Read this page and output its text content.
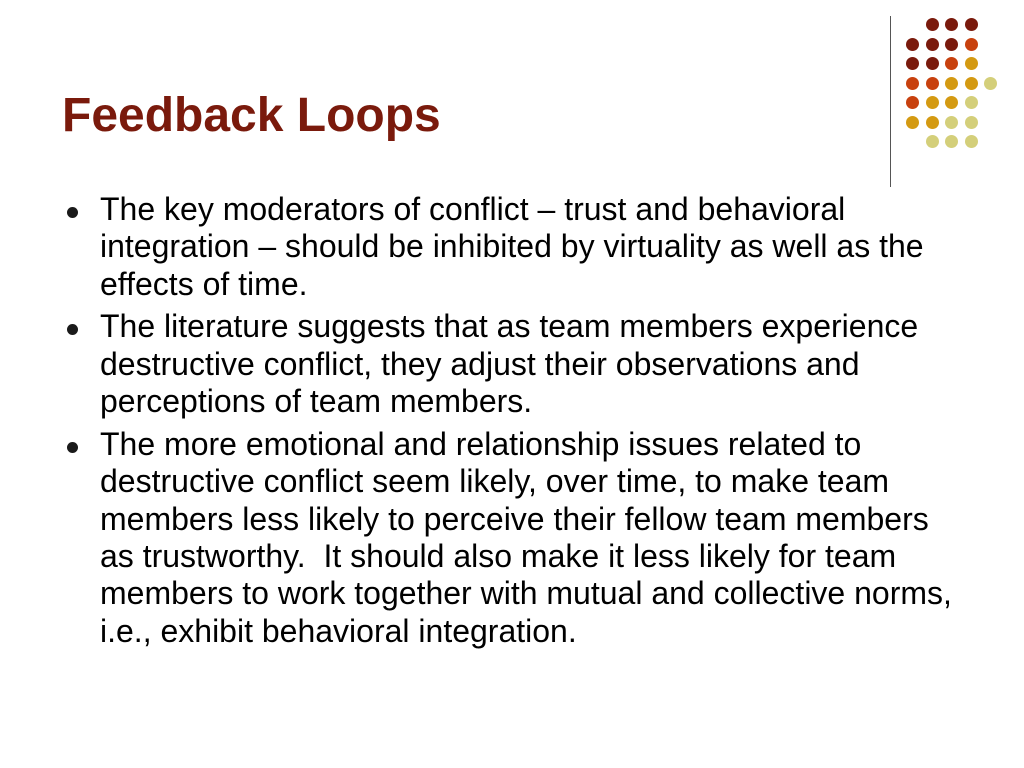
Feedback Loops
The key moderators of conflict – trust and behavioral integration – should be inhibited by virtuality as well as the effects of time.
The literature suggests that as team members experience destructive conflict, they adjust their observations and perceptions of team members.
The more emotional and relationship issues related to destructive conflict seem likely, over time, to make team members less likely to perceive their fellow team members as trustworthy.  It should also make it less likely for team members to work together with mutual and collective norms, i.e., exhibit behavioral integration.
